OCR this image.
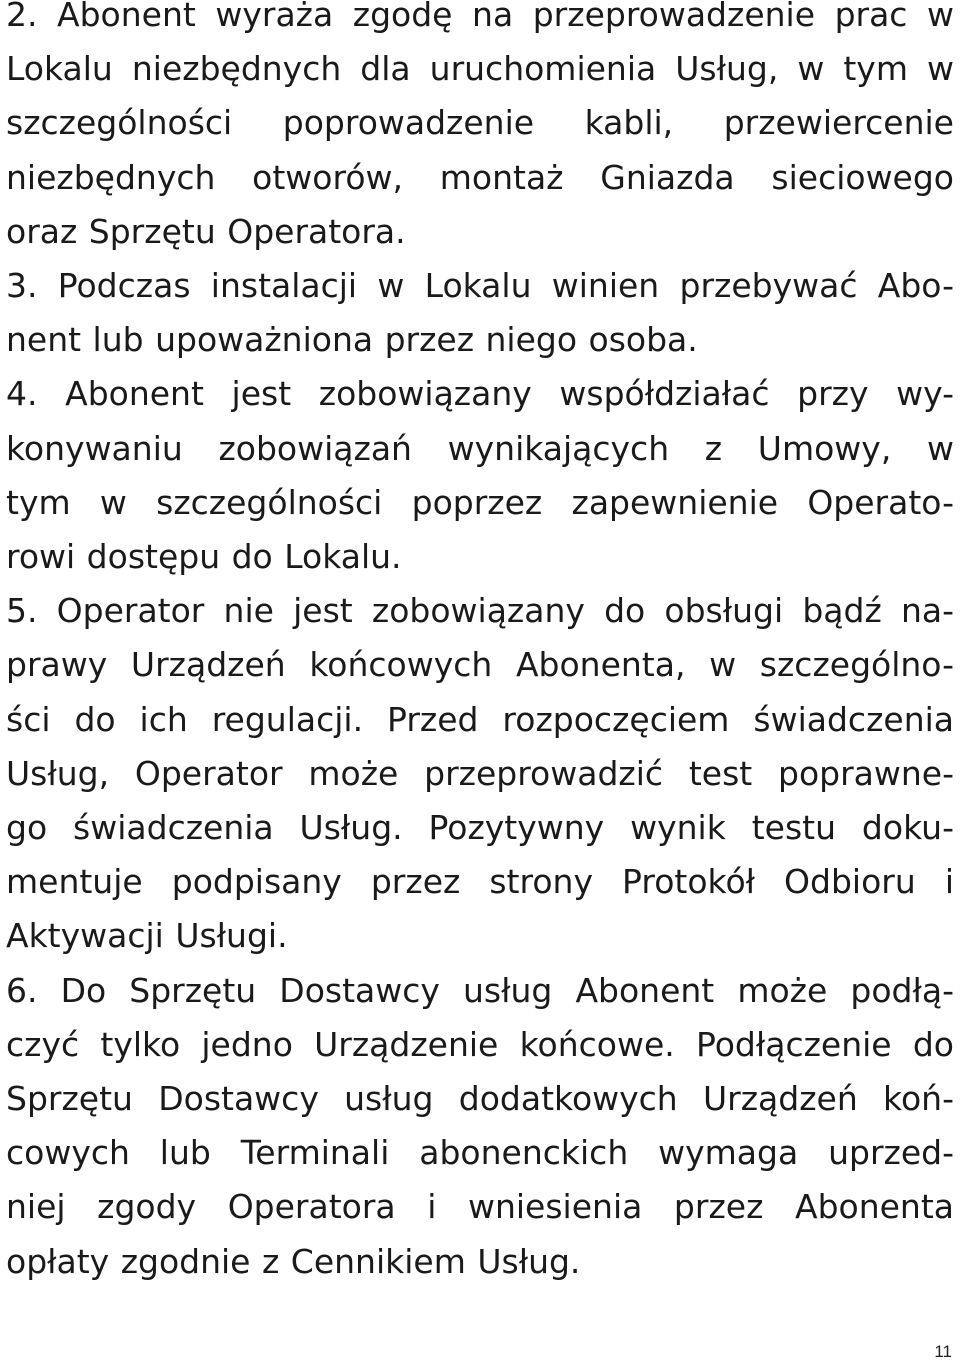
2. Abonent wyraża zgodę na przeprowadzenie prac w
Lokalu niezbędnych dla uruchomienia Usług, w tym w
szczególności poprowadzenie kabli, przewiercenie
niezbędnych otworów, montaż Gniazda sieciowego
oraz Sprzętu Operatora.
3. Podczas instalacji w Lokalu winien przebywać Abo-
nent lub upoważniona przez niego osoba.
4. Abonent jest zobowiązany współdziałać przy wy-
konywaniu zobowiązań wynikających z Umowy, w
tym w szczególności poprzez zapewnienie Operato-
rowi dostępu do Lokalu.
5. Operator nie jest zobowiązany do obsługi bądź na-
prawy Urządzeń końcowych Abonenta, w szczególno-
ści do ich regulacji. Przed rozpoczęciem świadczenia
Usług, Operator może przeprowadzić test poprawne-
go świadczenia Usług. Pozytywny wynik testu doku-
mentuje podpisany przez strony Protokół Odbioru i
Aktywacji Usługi.
6. Do Sprzętu Dostawcy usług Abonent może podłą-
czyć tylko jedno Urządzenie końcowe. Podłączenie do
Sprzętu Dostawcy usług dodatkowych Urządzeń koń-
cowych lub Terminali abonenckich wymaga uprzed-
niej zgody Operatora i wniesienia przez Abonenta
opłaty zgodnie z Cennikiem Usług.
11
